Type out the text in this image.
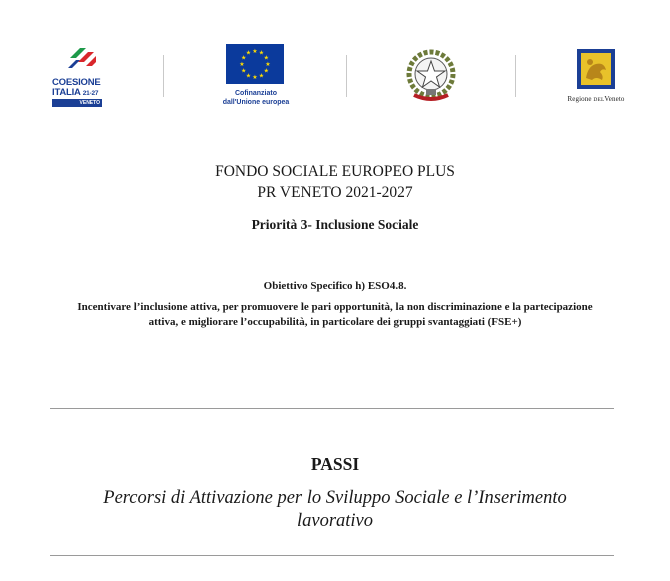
COESIONE
ITALIA 21-27
VENETO
★ ★
★
★
★
★
★
★
★
★
★
★
Cofinanziato
dall'Unione europea	Regione DELVeneto
FONDO SOCIALE EUROPEO PLUS
PR VENETO 2021-2027
Priorità 3- Inclusione Sociale
Obiettivo Specifico h) ESO4.8.
Incentivare l’inclusione attiva, per promuovere le pari opportunità, la non discriminazione e la partecipazione attiva, e migliorare l’occupabilità, in particolare dei gruppi svantaggiati (FSE+)
PASSI
Percorsi di Attivazione per lo Sviluppo Sociale e l’Inserimento lavorativo
